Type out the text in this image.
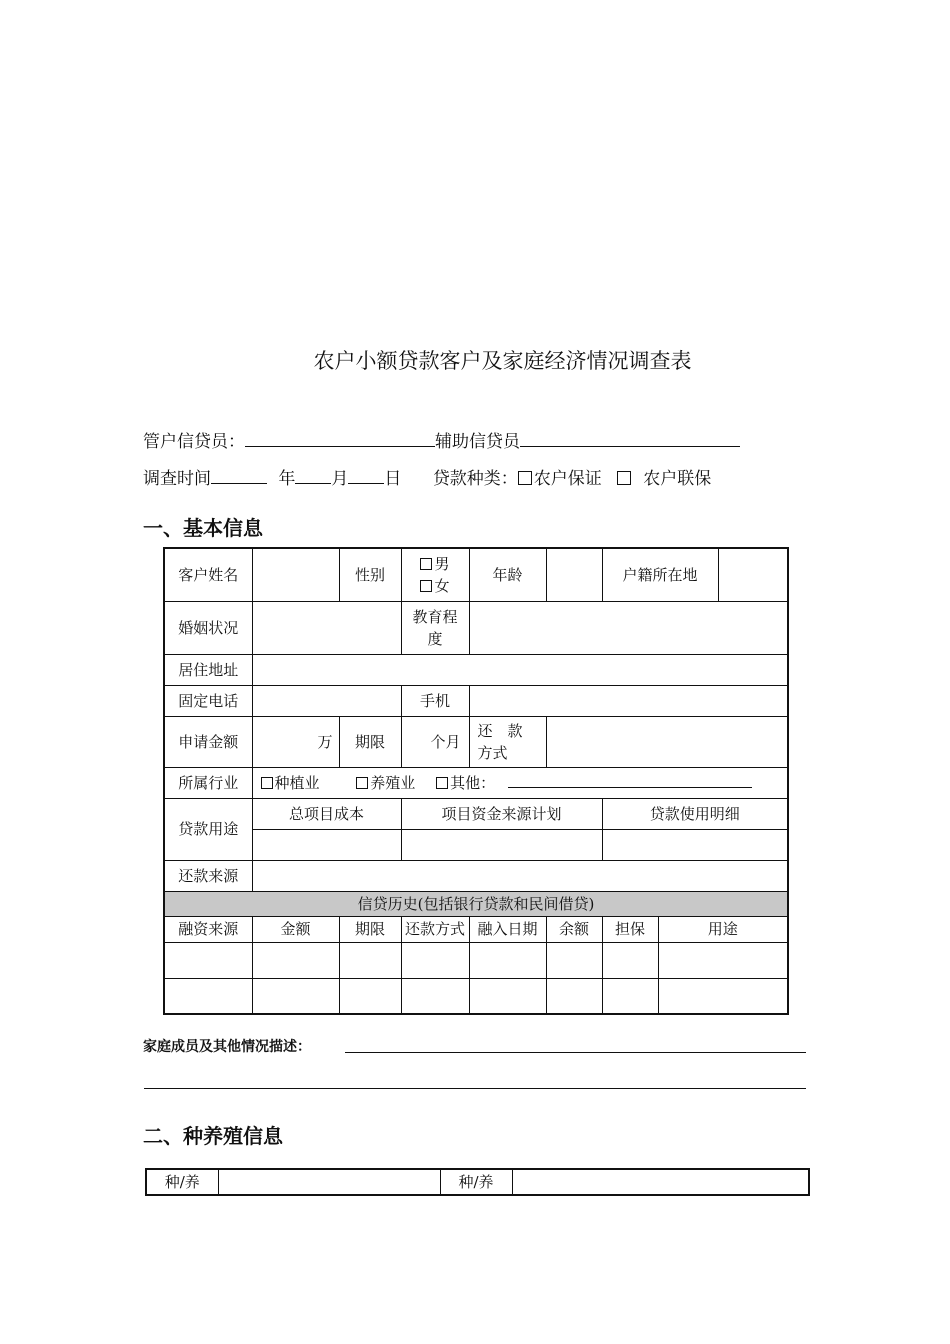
农户小额贷款客户及家庭经济情况调查表
管户信贷员：	辅助信贷员
调查时间	年 月 日 贷款种类： 农户保证 农户联保
一、基本信息
客户姓名		性别	男
女	年龄		户籍所在地		
婚姻状况			教育程
度					

居住地址								
固定电话			手机					
申请金额	万	期限	个月	还　款
方式				

所属行业	种植业 养殖业 其他：							
贷款用途	总项目成本		项目资金来源计划			贷款使用明细		

还款来源								
信贷历史(包括银行贷款和民间借贷)								
融资来源	金额	期限	还款方式	融入日期	余额	担保	用途	

家庭成员及其他情况描述：
二、种养殖信息
种/养		种/养	
